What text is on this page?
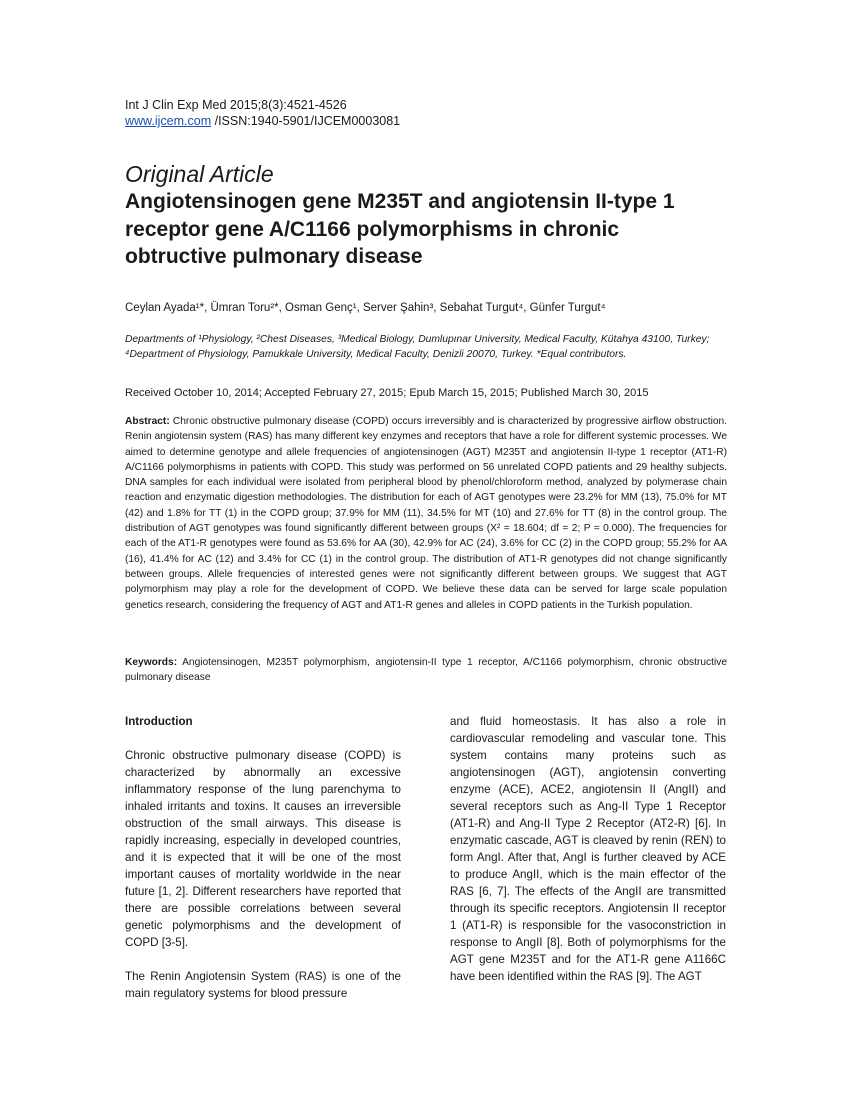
Int J Clin Exp Med 2015;8(3):4521-4526
www.ijcem.com /ISSN:1940-5901/IJCEM0003081
Original Article
Angiotensinogen gene M235T and angiotensin II-type 1 receptor gene A/C1166 polymorphisms in chronic obtructive pulmonary disease
Ceylan Ayada¹*, Ümran Toru²*, Osman Genç¹, Server Şahin³, Sebahat Turgut⁴, Günfer Turgut⁴
Departments of ¹Physiology, ²Chest Diseases, ³Medical Biology, Dumlupınar University, Medical Faculty, Kütahya 43100, Turkey; ⁴Department of Physiology, Pamukkale University, Medical Faculty, Denizli 20070, Turkey. *Equal contributors.
Received October 10, 2014; Accepted February 27, 2015; Epub March 15, 2015; Published March 30, 2015
Abstract: Chronic obstructive pulmonary disease (COPD) occurs irreversibly and is characterized by progressive airflow obstruction. Renin angiotensin system (RAS) has many different key enzymes and receptors that have a role for different systemic processes. We aimed to determine genotype and allele frequencies of angiotensinogen (AGT) M235T and angiotensin II-type 1 receptor (AT1-R) A/C1166 polymorphisms in patients with COPD. This study was performed on 56 unrelated COPD patients and 29 healthy subjects. DNA samples for each individual were isolated from peripheral blood by phenol/chloroform method, analyzed by polymerase chain reaction and enzymatic digestion methodologies. The distribution for each of AGT genotypes were 23.2% for MM (13), 75.0% for MT (42) and 1.8% for TT (1) in the COPD group; 37.9% for MM (11), 34.5% for MT (10) and 27.6% for TT (8) in the control group. The distribution of AGT genotypes was found significantly different between groups (X² = 18.604; df = 2; P = 0.000). The frequencies for each of the AT1-R genotypes were found as 53.6% for AA (30), 42.9% for AC (24), 3.6% for CC (2) in the COPD group; 55.2% for AA (16), 41.4% for AC (12) and 3.4% for CC (1) in the control group. The distribution of AT1-R genotypes did not change significantly between groups. Allele frequencies of interested genes were not significantly different between groups. We suggest that AGT polymorphism may play a role for the development of COPD. We believe these data can be served for large scale population genetics research, considering the frequency of AGT and AT1-R genes and alleles in COPD patients in the Turkish population.
Keywords: Angiotensinogen, M235T polymorphism, angiotensin-II type 1 receptor, A/C1166 polymorphism, chronic obstructive pulmonary disease
Introduction

Chronic obstructive pulmonary disease (COPD) is characterized by abnormally an excessive inflammatory response of the lung parenchyma to inhaled irritants and toxins. It causes an irreversible obstruction of the small airways. This disease is rapidly increasing, especially in developed countries, and it is expected that it will be one of the most important causes of mortality worldwide in the near future [1, 2]. Different researchers have reported that there are possible correlations between several genetic polymorphisms and the development of COPD [3-5].

The Renin Angiotensin System (RAS) is one of the main regulatory systems for blood pressure

and fluid homeostasis. It has also a role in cardiovascular remodeling and vascular tone. This system contains many proteins such as angiotensinogen (AGT), angiotensin converting enzyme (ACE), ACE2, angiotensin II (AngII) and several receptors such as Ang-II Type 1 Receptor (AT1-R) and Ang-II Type 2 Receptor (AT2-R) [6]. In enzymatic cascade, AGT is cleaved by renin (REN) to form AngI. After that, AngI is further cleaved by ACE to produce AngII, which is the main effector of the RAS [6, 7]. The effects of the AngII are transmitted through its specific receptors. Angiotensin II receptor 1 (AT1-R) is responsible for the vasoconstriction in response to AngII [8]. Both of polymorphisms for the AGT gene M235T and for the AT1-R gene A1166C have been identified within the RAS [9]. The AGT
